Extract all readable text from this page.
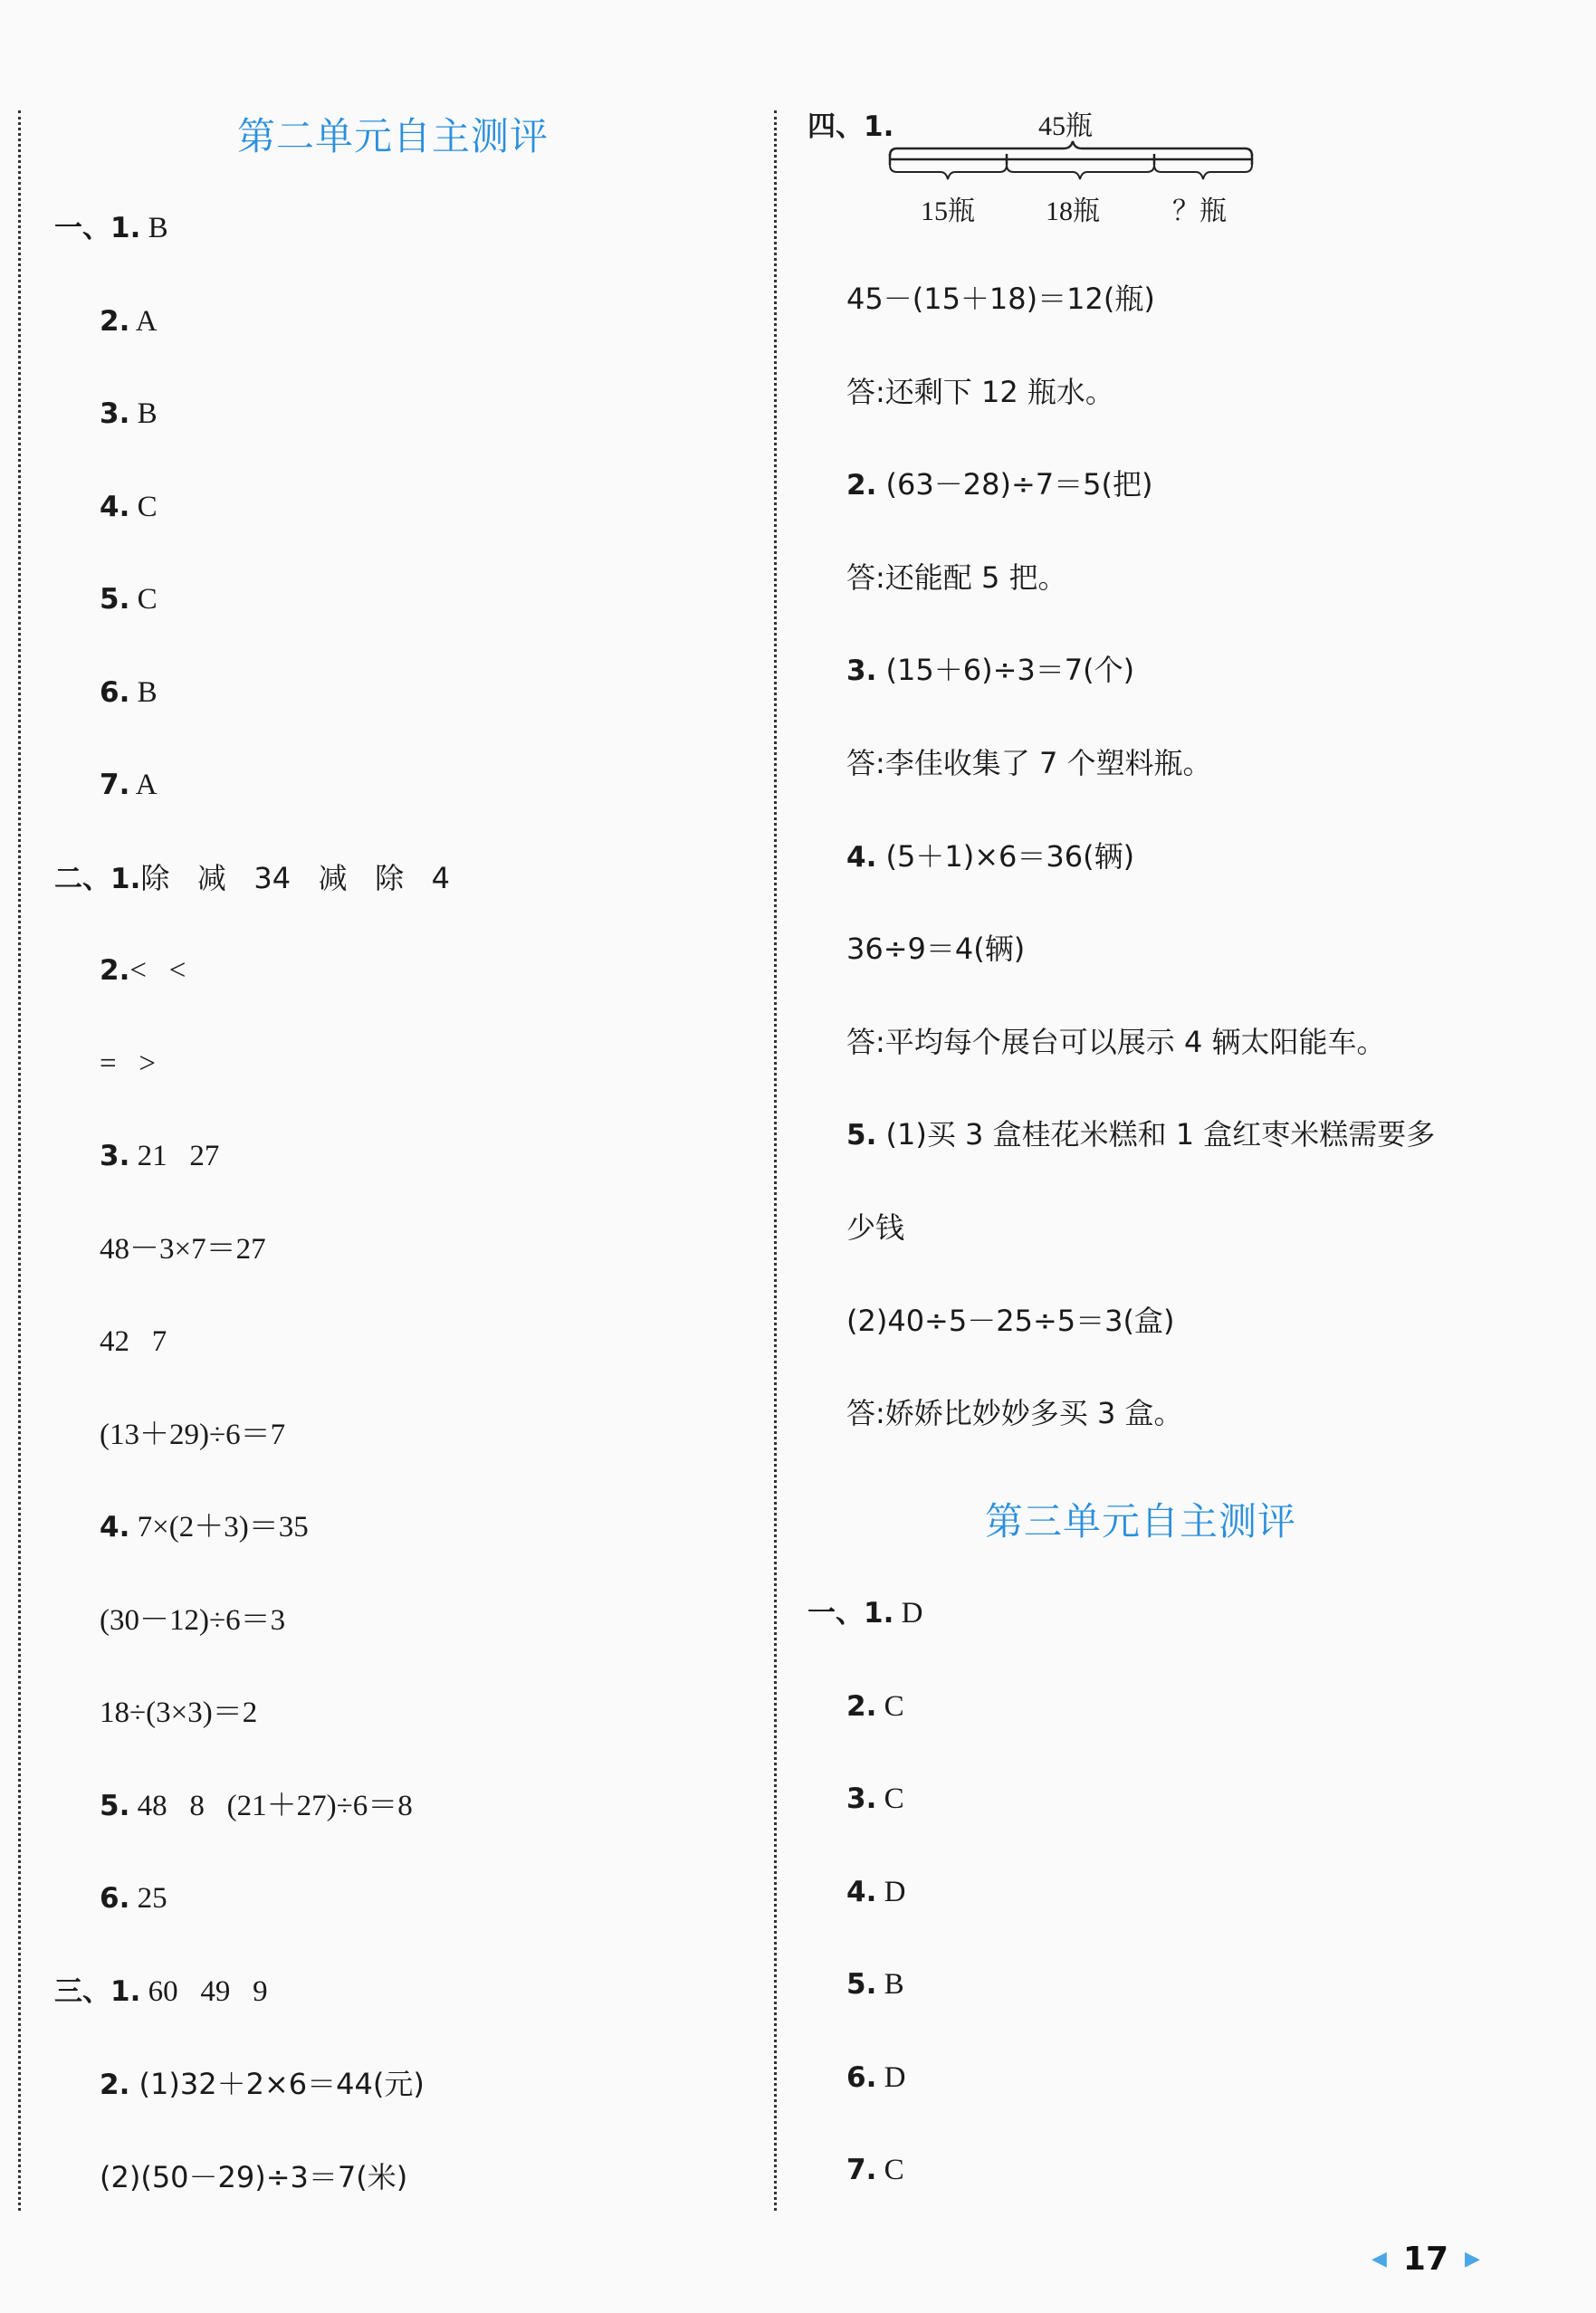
第二单元自主测评
一、1. B
2. A
3. B
4. C
5. C
6. B
7. A
二、1.除   减   34   减   除   4
2.<   <
=   >
3. 21   27
48－3×7＝27
42   7
(13＋29)÷6＝7
4. 7×(2＋3)＝35
(30－12)÷6＝3
18÷(3×3)＝2
5. 48   8   (21＋27)÷6＝8
6. 25
三、1. 60   49   9
2. (1)32＋2×6＝44(元)
(2)(50－29)÷3＝7(米)
四、1.	45瓶
15瓶	18瓶	？瓶
45－(15＋18)＝12(瓶)
答:还剩下 12 瓶水。
2. (63－28)÷7＝5(把)
答:还能配 5 把。
3. (15＋6)÷3＝7(个)
答:李佳收集了 7 个塑料瓶。
4. (5＋1)×6＝36(辆)
36÷9＝4(辆)
答:平均每个展台可以展示 4 辆太阳能车。
5. (1)买 3 盒桂花米糕和 1 盒红枣米糕需要多
少钱
(2)40÷5－25÷5＝3(盒)
答:娇娇比妙妙多买 3 盒。
第三单元自主测评
一、1. D
2. C
3. C
4. D
5. B
6. D
7. C
◀ 17 ▶
